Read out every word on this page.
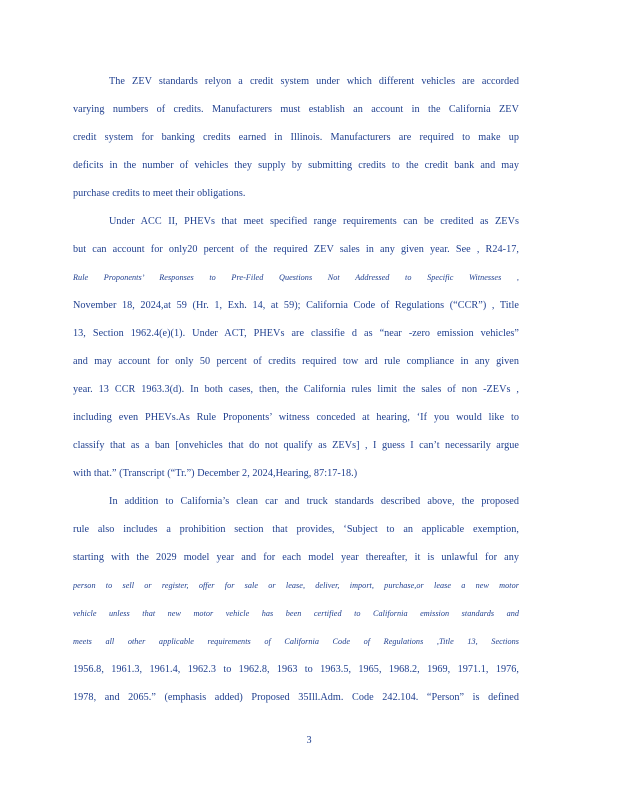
The ZEV standards relyon a credit system under which different vehicles are accorded
varying numbers of credits. Manufacturers must establish an account in the California ZEV
credit system for banking credits earned in Illinois. Manufacturers are required to make up
deficits in the number of vehicles they supply by submitting credits to the credit bank and may
purchase credits to meet their obligations.
Under ACC II, PHEVs that meet specified range requirements can be credited as ZEVs
but can account for only20 percent of the required ZEV sales in any given year. See , R24-17,
Rule Proponents’ Responses to Pre-Filed Questions Not Addressed to Specific Witnesses ,
November 18, 2024,at 59 (Hr. 1, Exh. 14, at 59); California Code of Regulations (“CCR”) , Title
13, Section 1962.4(e)(1). Under ACT, PHEVs are classifie d as “near -zero emission vehicles”
and may account for only 50 percent of credits required tow ard rule compliance in any given
year. 13 CCR 1963.3(d). In both cases, then, the California rules limit the sales of non -ZEVs ,
including even PHEVs.As Rule Proponents’ witness conceded at hearing, ‘If you would like to
classify that as a ban [onvehicles that do not qualify as ZEVs] , I guess I can’t necessarily argue
with that.” (Transcript (“Tr.”) December 2, 2024,Hearing, 87:17-18.)
In addition to California’s clean car and truck standards described above, the proposed
rule also includes a prohibition section that provides, ‘Subject to an applicable exemption,
starting with the 2029 model year and for each model year thereafter, it is unlawful for any
person to sell or register, offer for sale or lease, deliver, import, purchase,or lease a new motor
vehicle unless that new motor vehicle has been certified to California emission standards and
meets all other applicable requirements of California Code of Regulations ,Title 13, Sections
1956.8, 1961.3, 1961.4, 1962.3 to 1962.8, 1963 to 1963.5, 1965, 1968.2, 1969, 1971.1, 1976,
1978, and 2065.” (emphasis added) Proposed 35Ill.Adm. Code 242.104. “Person” is defined
3
